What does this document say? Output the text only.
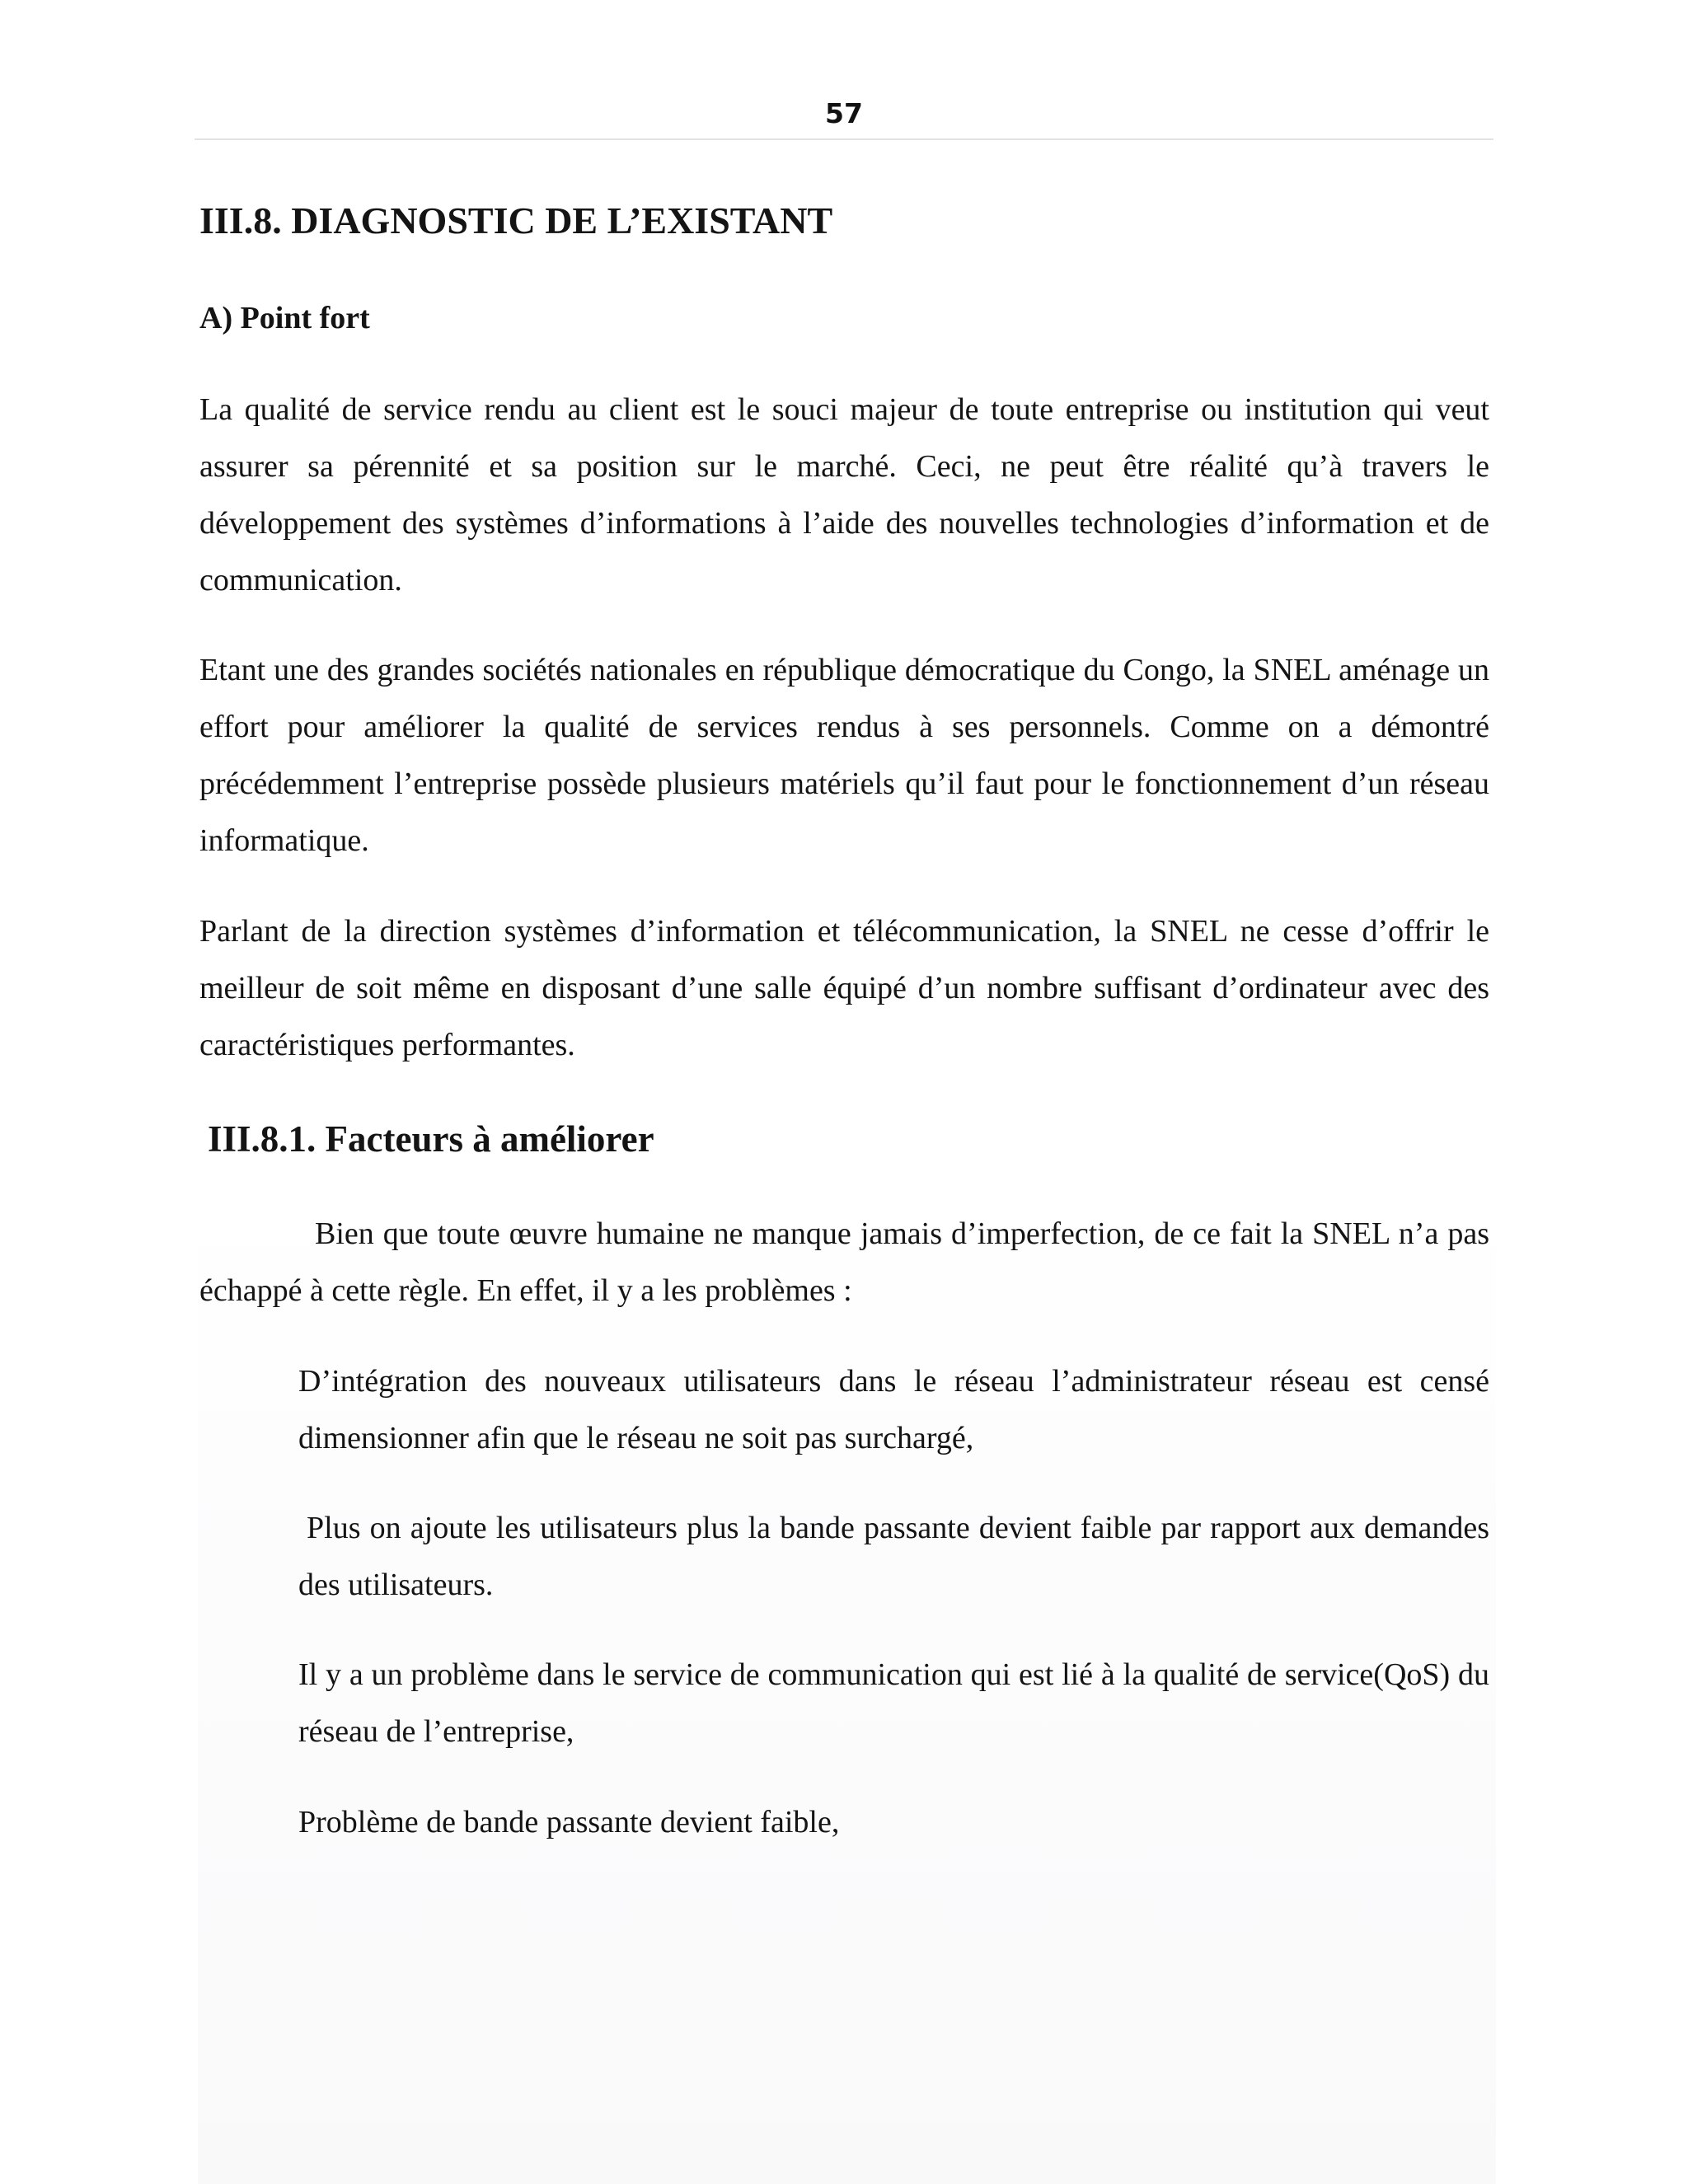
57
III.8. DIAGNOSTIC DE L’EXISTANT
A) Point fort

La qualité de service rendu au client est le souci majeur de toute entreprise ou institution qui veut assurer sa pérennité et sa position sur le marché. Ceci, ne peut être réalité qu’à travers le développement des systèmes d’informations à l’aide des nouvelles technologies d’information et de communication.

Etant une des grandes sociétés nationales en république démocratique du Congo, la SNEL aménage un effort pour améliorer la qualité de services rendus à ses personnels. Comme on a démontré précédemment l’entreprise possède plusieurs matériels qu’il faut pour le fonctionnement d’un réseau informatique.

Parlant de la direction systèmes d’information et télécommunication, la SNEL ne cesse d’offrir le meilleur de soit même en disposant d’une salle équipé d’un nombre suffisant d’ordinateur avec des caractéristiques performantes.

III.8.1. Facteurs à améliorer

Bien que toute œuvre humaine ne manque jamais d’imperfection, de ce fait la SNEL n’a pas échappé à cette règle. En effet, il y a les problèmes :

D’intégration des nouveaux utilisateurs dans le réseau l’administrateur réseau est censé dimensionner afin que le réseau ne soit pas surchargé,

Plus on ajoute les utilisateurs plus la bande passante devient faible par rapport aux demandes des utilisateurs.

Il y a un problème dans le service de communication qui est lié à la qualité de service(QoS) du réseau de l’entreprise,

Problème de bande passante devient faible,
